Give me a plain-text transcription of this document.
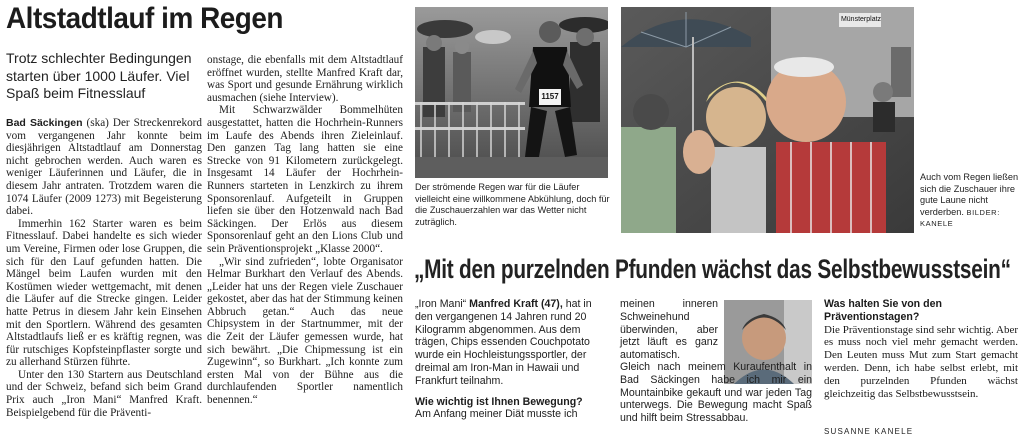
Altstadtlauf im Regen
Trotz schlechter Bedingungen starten über 1000 Läufer. Viel Spaß beim Fitnesslauf

Bad Säckingen (ska) Der Streckenrekord vom vergangenen Jahr konnte beim diesjährigen Altstadtlauf am Donnerstag nicht gebrochen werden. Auch waren es weniger Läuferinnen und Läufer, die in diesem Jahr antraten. Trotzdem waren die 1074 Läufer (2009 1273) mit Begeisterung dabei.

Immerhin 162 Starter waren es beim Fitnesslauf. Dabei handelte es sich wieder um Vereine, Firmen oder lose Gruppen, die sich für den Lauf gefunden hatten. Die Mängel beim Laufen wurden mit den Kostümen wieder wettgemacht, mit denen die Läufer auf die Strecke gingen. Leider hatte Petrus in diesem Jahr kein Einsehen mit den Sportlern. Während des gesamten Altstadtlaufs ließ er es kräftig regnen, was für rutschiges Kopfsteinpflaster sorgte und zu allerhand Stürzen führte.

Unter den 130 Startern aus Deutschland und der Schweiz, befand sich beim Grand Prix auch „Iron Mani“ Manfred Kraft. Beispielgebend für die Präventi-

onstage, die ebenfalls mit dem Altstadtlauf eröffnet wurden, stellte Manfred Kraft dar, was Sport und gesunde Ernährung wirklich ausmachen (siehe Interview).

Mit Schwarzwälder Bommelhüten ausgestattet, hatten die Hochrhein-Runners im Laufe des Abends ihren Zieleinlauf. Den ganzen Tag lang hatten sie eine Strecke von 91 Kilometern zurückgelegt. Insgesamt 14 Läufer der Hochrhein-Runners starteten in Lenzkirch zu ihrem Sponsorenlauf. Aufgeteilt in Gruppen liefen sie über den Hotzenwald nach Bad Säckingen. Der Erlös aus diesem Sponsorenlauf geht an den Lions Club und sein Präventionsprojekt „Klasse 2000“.

„Wir sind zufrieden“, lobte Organisator Helmar Burkhart den Verlauf des Abends. „Leider hat uns der Regen viele Zuschauer gekostet, aber das hat der Stimmung keinen Abbruch getan.“ Auch das neue Chipsystem in der Startnummer, mit der die Zeit der Läufer gemessen wurde, hat sich bewährt. „Die Chipmessung ist ein Zugewinn“, so Burkhart. „Ich konnte zum ersten Mal von der Bühne aus die durchlaufenden Sportler namentlich benennen.“

1157
Der strömende Regen war für die Läufer vielleicht eine willkommene Abkühlung, doch für die Zuschauerzahlen war das Wetter nicht zuträglich.
Münsterplatz
Auch vom Regen ließen sich die Zuschauer ihre gute Laune nicht verderben. BILDER: KANELE
„Mit den purzelnden Pfunden wächst das Selbstbewusstsein“

„Iron Mani“ Manfred Kraft (47), hat in den vergangenen 14 Jahren rund 20 Kilogramm abgenommen. Aus dem trägen, Chips essenden Couchpotato wurde ein Hochleistungssportler, der dreimal am Iron-Man in Hawaii und Frankfurt teilnahm.

Wie wichtig ist Ihnen Bewegung?

Am Anfang meiner Diät musste ich

meinen inneren Schweinehund überwinden, aber jetzt läuft es ganz automatisch.
Gleich nach meinem Kuraufenthalt in Bad Säckingen habe ich mir ein Mountainbike gekauft und war jeden Tag unterwegs. Die Bewegung macht Spaß und hilft beim Stressabbau.
Was halten Sie von den Präventionstagen?
Die Präventionstage sind sehr wichtig. Aber es muss noch viel mehr gemacht werden. Den Leuten muss Mut zum Start gemacht werden. Denn, ich habe selbst erlebt, mit den purzelnden Pfunden wächst gleichzeitig das Selbstbewusstsein.
SUSANNE KANELE
